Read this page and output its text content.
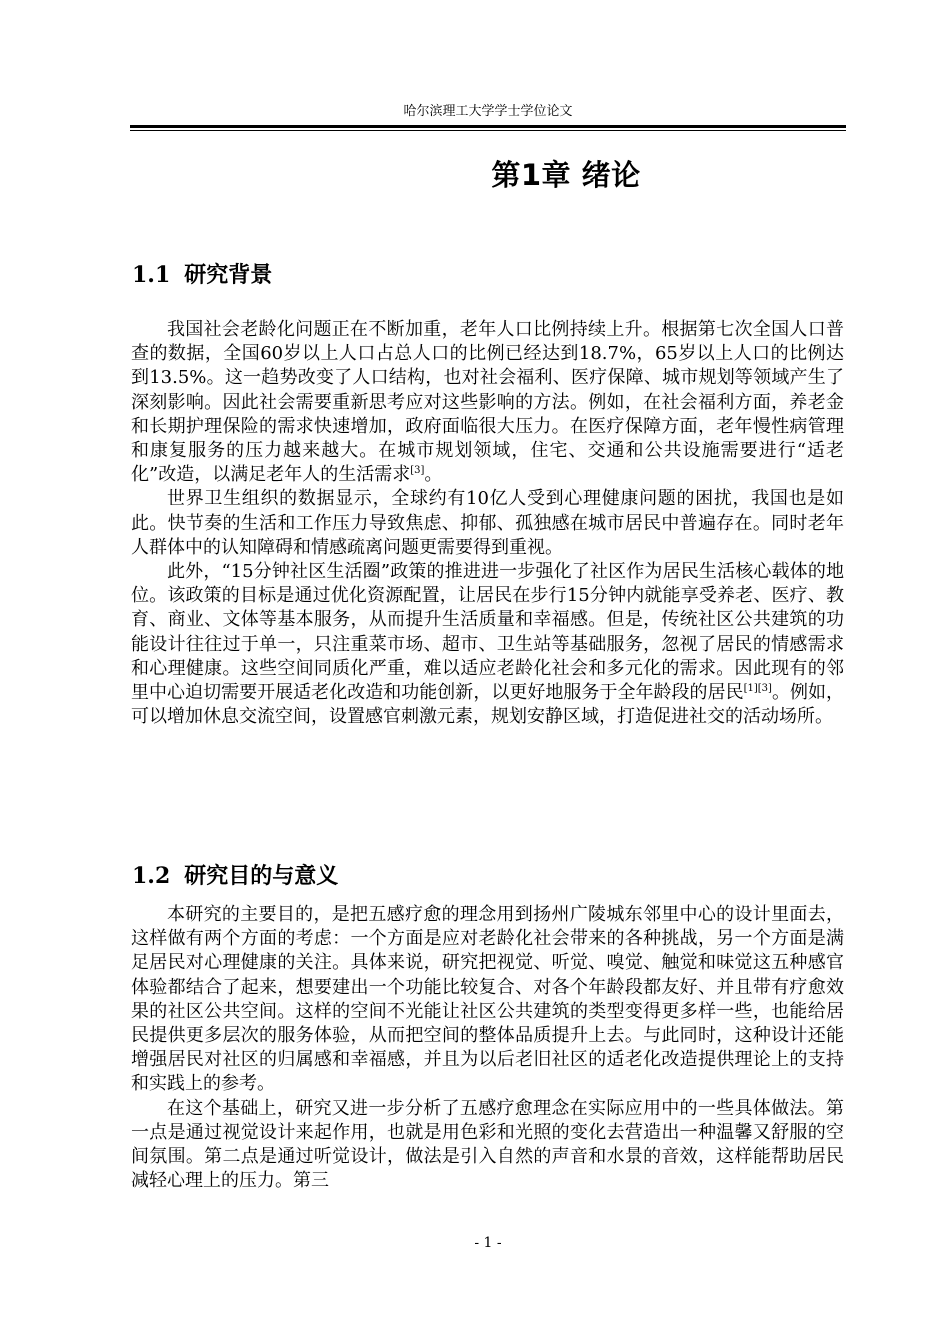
哈尔滨理工大学学士学位论文
第1章 绪论
1.1 研究背景

我国社会老龄化问题正在不断加重，老年人口比例持续上升。根据第七次全国人口普查的数据，全国60岁以上人口占总人口的比例已经达到18.7%，65岁以上人口的比例达到13.5%。这一趋势改变了人口结构，也对社会福利、医疗保障、城市规划等领域产生了深刻影响。因此社会需要重新思考应对这些影响的方法。例如，在社会福利方面，养老金和长期护理保险的需求快速增加，政府面临很大压力。在医疗保障方面，老年慢性病管理和康复服务的压力越来越大。在城市规划领域，住宅、交通和公共设施需要进行“适老化”改造，以满足老年人的生活需求[3]。

世界卫生组织的数据显示，全球约有10亿人受到心理健康问题的困扰，我国也是如此。快节奏的生活和工作压力导致焦虑、抑郁、孤独感在城市居民中普遍存在。同时老年人群体中的认知障碍和情感疏离问题更需要得到重视。

此外，“15分钟社区生活圈”政策的推进进一步强化了社区作为居民生活核心载体的地位。该政策的目标是通过优化资源配置，让居民在步行15分钟内就能享受养老、医疗、教育、商业、文体等基本服务，从而提升生活质量和幸福感。但是，传统社区公共建筑的功能设计往往过于单一，只注重菜市场、超市、卫生站等基础服务，忽视了居民的情感需求和心理健康。这些空间同质化严重，难以适应老龄化社会和多元化的需求。因此现有的邻里中心迫切需要开展适老化改造和功能创新，以更好地服务于全年龄段的居民[1][3]。例如，可以增加休息交流空间，设置感官刺激元素，规划安静区域，打造促进社交的活动场所。

1.2 研究目的与意义

本研究的主要目的，是把五感疗愈的理念用到扬州广陵城东邻里中心的设计里面去，这样做有两个方面的考虑：一个方面是应对老龄化社会带来的各种挑战，另一个方面是满足居民对心理健康的关注。具体来说，研究把视觉、听觉、嗅觉、触觉和味觉这五种感官体验都结合了起来，想要建出一个功能比较复合、对各个年龄段都友好、并且带有疗愈效果的社区公共空间。这样的空间不光能让社区公共建筑的类型变得更多样一些，也能给居民提供更多层次的服务体验，从而把空间的整体品质提升上去。与此同时，这种设计还能增强居民对社区的归属感和幸福感，并且为以后老旧社区的适老化改造提供理论上的支持和实践上的参考。

在这个基础上，研究又进一步分析了五感疗愈理念在实际应用中的一些具体做法。第一点是通过视觉设计来起作用，也就是用色彩和光照的变化去营造出一种温馨又舒服的空间氛围。第二点是通过听觉设计，做法是引入自然的声音和水景的音效，这样能帮助居民减轻心理上的压力。第三

- 1 -
